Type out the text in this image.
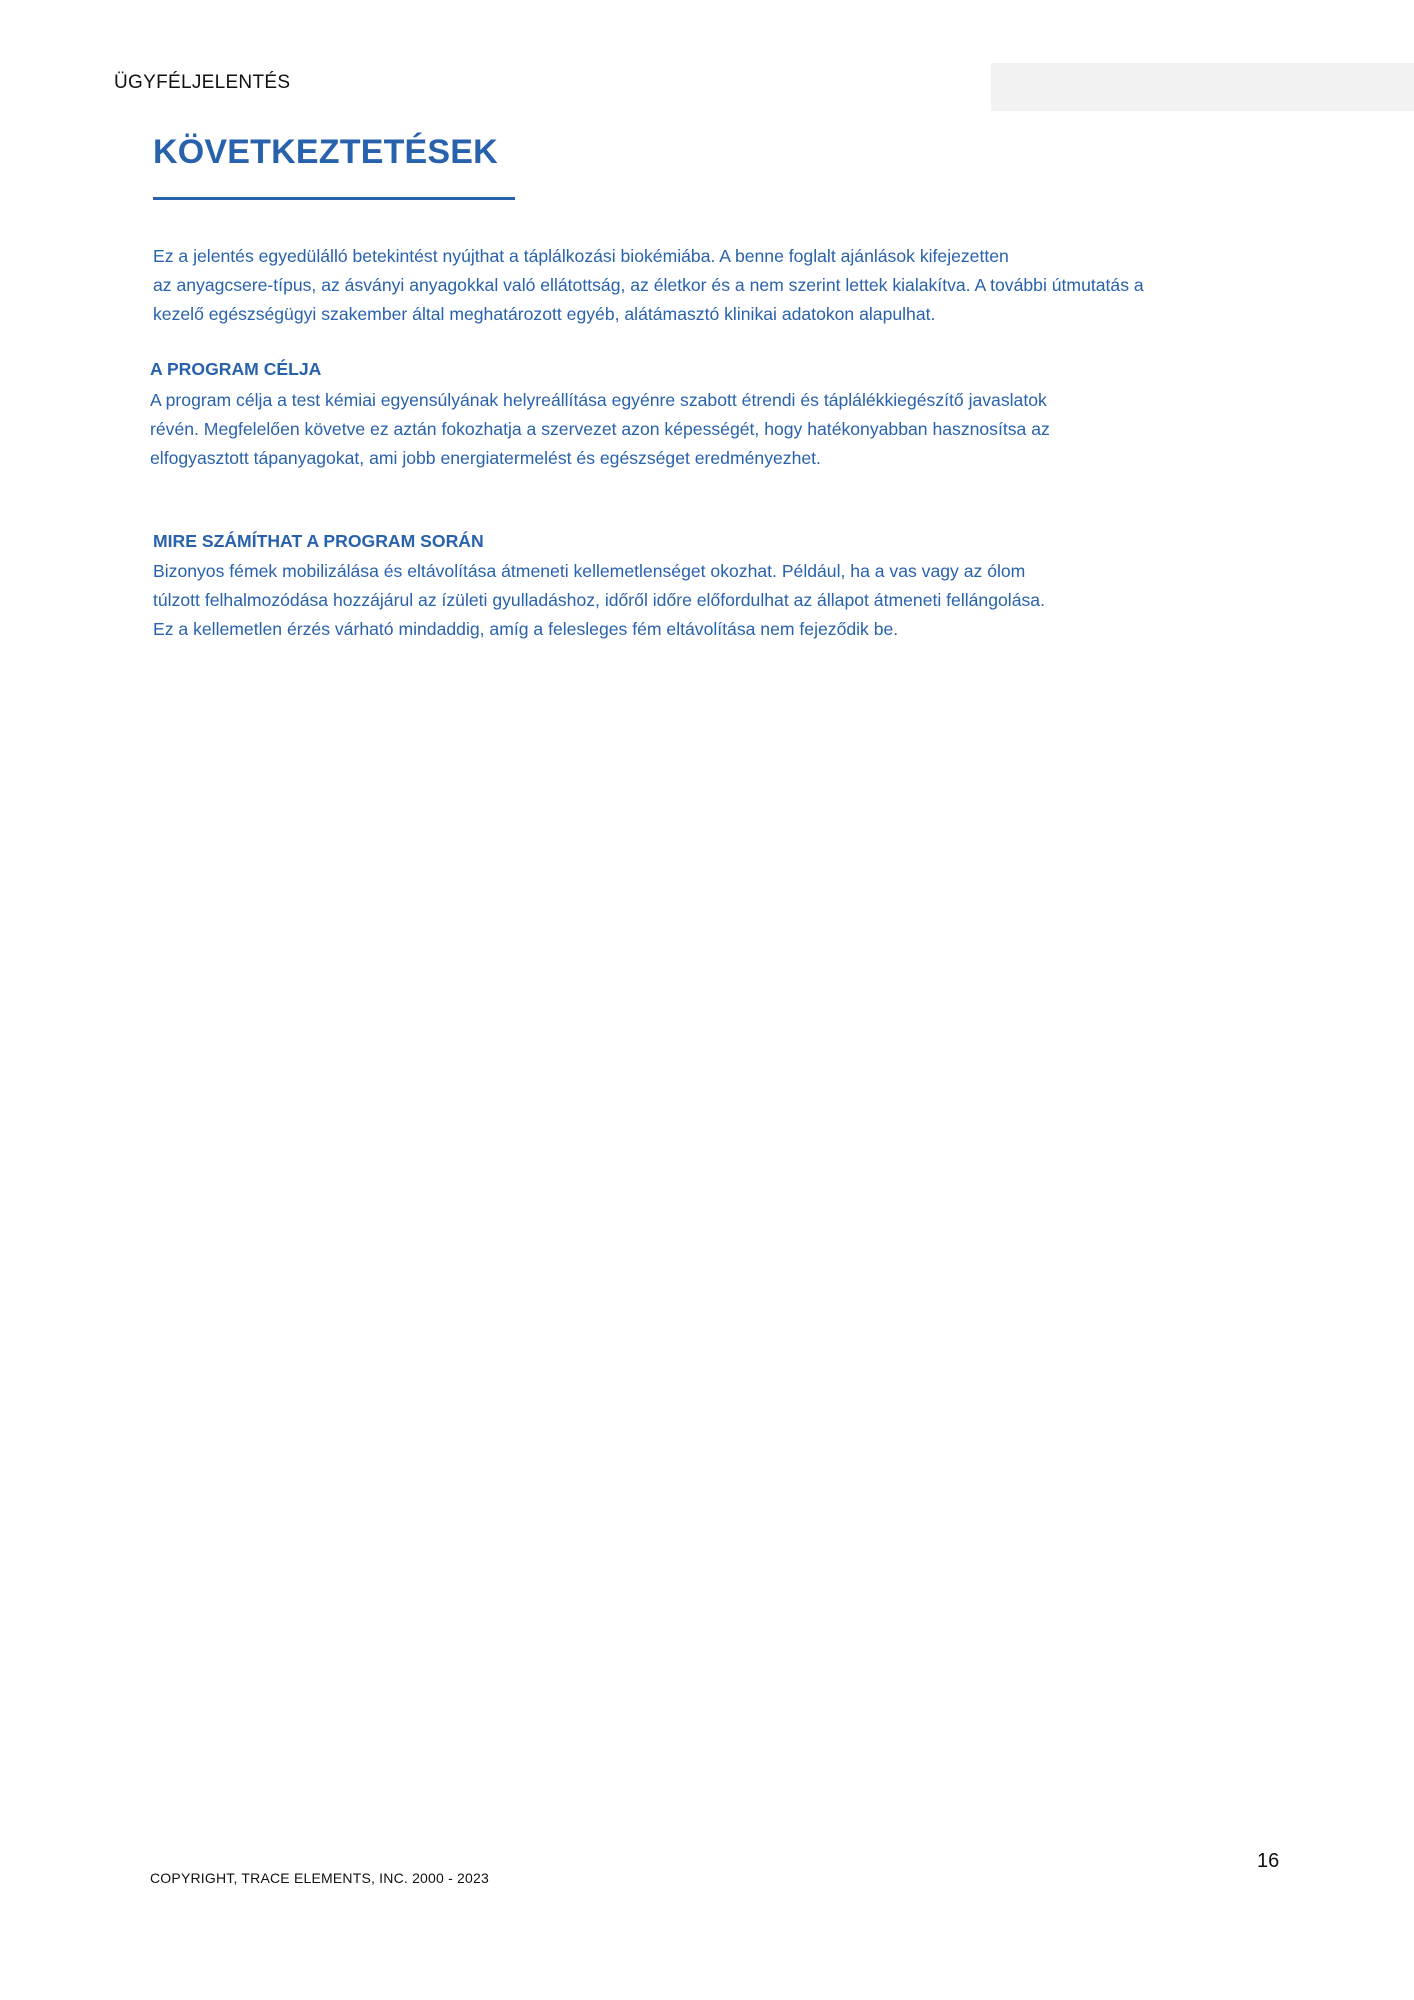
ÜGYFÉLJELENTÉS
KÖVETKEZTETÉSEK

Ez a jelentés egyedülálló betekintést nyújthat a táplálkozási biokémiába. A benne foglalt ajánlások kifejezetten
az anyagcsere-típus, az ásványi anyagokkal való ellátottság, az életkor és a nem szerint lettek kialakítva. A további útmutatás a
kezelő egészségügyi szakember által meghatározott egyéb, alátámasztó klinikai adatokon alapulhat.

A PROGRAM CÉLJA

A program célja a test kémiai egyensúlyának helyreállítása egyénre szabott étrendi és táplálékkiegészítő javaslatok
révén. Megfelelően követve ez aztán fokozhatja a szervezet azon képességét, hogy hatékonyabban hasznosítsa az
elfogyasztott tápanyagokat, ami jobb energiatermelést és egészséget eredményezhet.

MIRE SZÁMÍTHAT A PROGRAM SORÁN

Bizonyos fémek mobilizálása és eltávolítása átmeneti kellemetlenséget okozhat. Például, ha a vas vagy az ólom
túlzott felhalmozódása hozzájárul az ízületi gyulladáshoz, időről időre előfordulhat az állapot átmeneti fellángolása.
Ez a kellemetlen érzés várható mindaddig, amíg a felesleges fém eltávolítása nem fejeződik be.

16
COPYRIGHT, TRACE ELEMENTS, INC. 2000 - 2023
